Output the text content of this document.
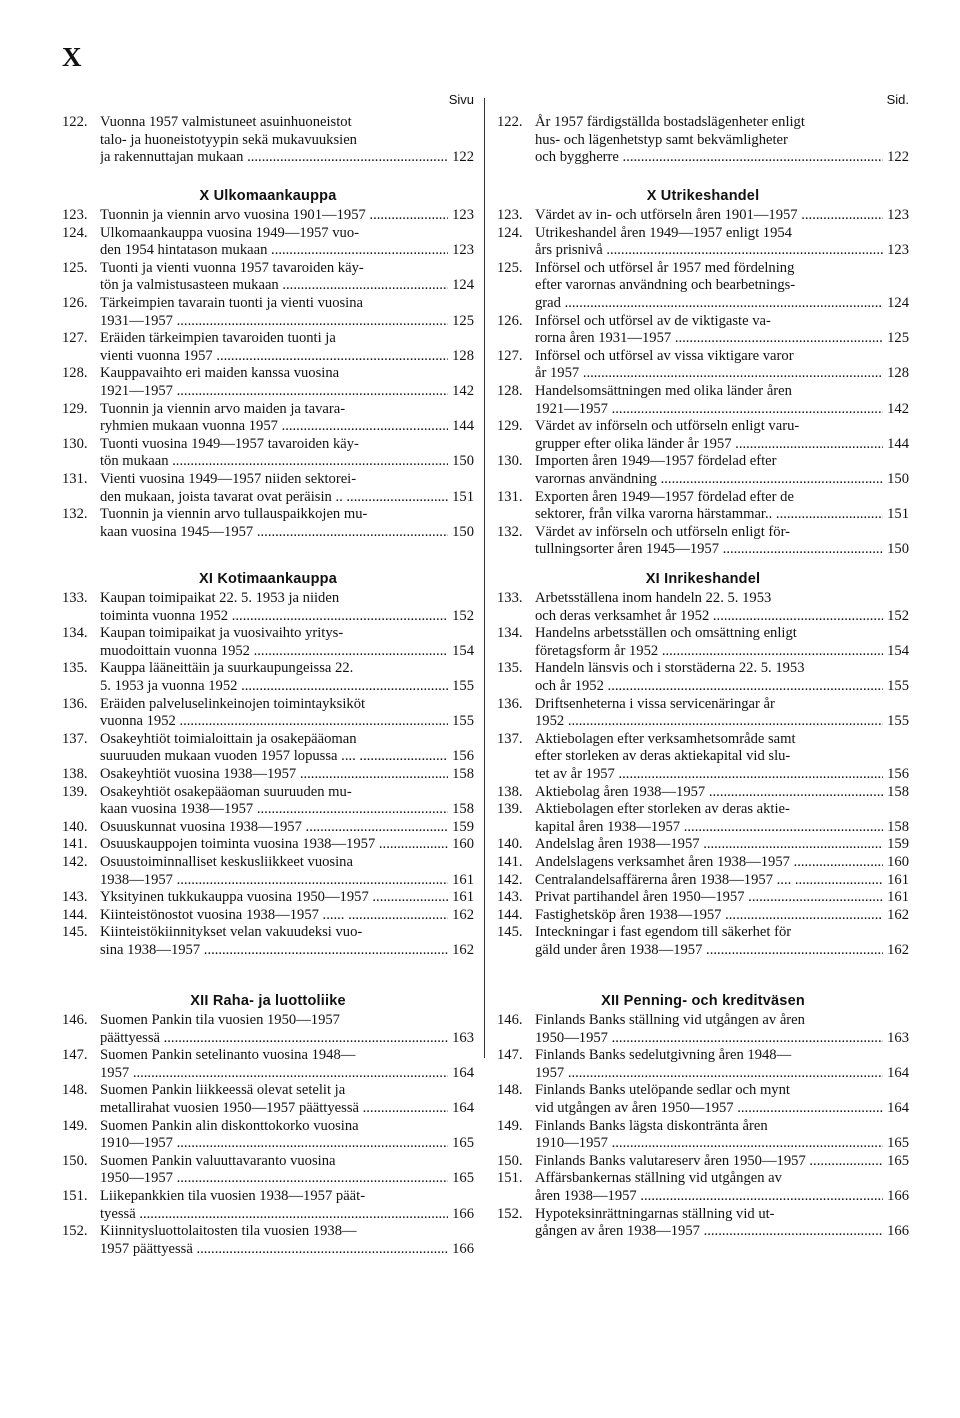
X
Sivu
122. Vuonna 1957 valmistuneet asuinhuoneistot
talo- ja huoneistotyypin sekä mukavuuksien
ja rakennuttajan mukaan .....	122
X Ulkomaankauppa
123. Tuonnin ja viennin arvo vuosina 1901—1957 .....	123
124. Ulkomaankauppa vuosina 1949—1957 vuo-
den 1954 hintatason mukaan .....	123
125. Tuonti ja vienti vuonna 1957 tavaroiden käy-
tön ja valmistusasteen mukaan .....	124
126. Tärkeimpien tavarain tuonti ja vienti vuosina
1931—1957 .....	125
127. Eräiden tärkeimpien tavaroiden tuonti ja
vienti vuonna 1957 .....	128
128. Kauppavaihto eri maiden kanssa vuosina
1921—1957 .....	142
129. Tuonnin ja viennin arvo maiden ja tavara-
ryhmien mukaan vuonna 1957 .....	144
130. Tuonti vuosina 1949—1957 tavaroiden käy-
tön mukaan .....	150
131. Vienti vuosina 1949—1957 niiden sektorei-
den mukaan, joista tavarat ovat peräisin .. .....	151
132. Tuonnin ja viennin arvo tullauspaikkojen mu-
kaan vuosina 1945—1957 .....	150
XI Kotimaankauppa
133. Kaupan toimipaikat 22. 5. 1953 ja niiden
toiminta vuonna 1952 .....	152
134. Kaupan toimipaikat ja vuosivaihto yritys-
muodoittain vuonna 1952 .....	154
135. Kauppa lääneittäin ja suurkaupungeissa 22.
5. 1953 ja vuonna 1952 .....	155
136. Eräiden palveluselinkeinojen toimintayksiköt
vuonna 1952 .....	155
137. Osakeyhtiöt toimialoittain ja osakepääoman
suuruuden mukaan vuoden 1957 lopussa .... .....	156
138. Osakeyhtiöt vuosina 1938—1957 .....	158
139. Osakeyhtiöt osakepääoman suuruuden mu-
kaan vuosina 1938—1957 .....	158
140. Osuuskunnat vuosina 1938—1957 .....	159
141. Osuuskauppojen toiminta vuosina 1938—1957 .....	160
142. Osuustoiminnalliset keskusliikkeet vuosina
1938—1957 .....	161
143. Yksityinen tukkukauppa vuosina 1950—1957 .....	161
144. Kiinteistönostot vuosina 1938—1957 ...... .....	162
145. Kiinteistökiinnitykset velan vakuudeksi vuo-
sina 1938—1957 .....	162
XII Raha- ja luottoliike
146. Suomen Pankin tila vuosien 1950—1957
päättyessä .....	163
147. Suomen Pankin setelinanto vuosina 1948—
1957 .....	164
148. Suomen Pankin liikkeessä olevat setelit ja
metallirahat vuosien 1950—1957 päättyessä .....	164
149. Suomen Pankin alin diskonttokorko vuosina
1910—1957 .....	165
150. Suomen Pankin valuuttavaranto vuosina
1950—1957 .....	165
151. Liikepankkien tila vuosien 1938—1957 päät-
tyessä .....	166
152. Kiinnitysluottolaitosten tila vuosien 1938—
1957 päättyessä .....	166
Sid.
122. År 1957 färdigställda bostadslägenheter enligt
hus- och lägenhetstyp samt bekvämligheter
och byggherre .....	122
X Utrikeshandel
123. Värdet av in- och utförseln åren 1901—1957 .....	123
124. Utrikeshandel åren 1949—1957 enligt 1954
års prisnivå .....	123
125. Införsel och utförsel år 1957 med fördelning
efter varornas användning och bearbetnings-
grad .....	124
126. Införsel och utförsel av de viktigaste va-
rorna åren 1931—1957 .....	125
127. Införsel och utförsel av vissa viktigare varor
år 1957 .....	128
128. Handelsomsättningen med olika länder åren
1921—1957 .....	142
129. Värdet av införseln och utförseln enligt varu-
grupper efter olika länder år 1957 .....	144
130. Importen åren 1949—1957 fördelad efter
varornas användning .....	150
131. Exporten åren 1949—1957 fördelad efter de
sektorer, från vilka varorna härstammar.. .....	151
132. Värdet av införseln och utförseln enligt för-
tullningsorter åren 1945—1957 .....	150
XI Inrikeshandel
133. Arbetsställena inom handeln 22. 5. 1953
och deras verksamhet år 1952 .....	152
134. Handelns arbetsställen och omsättning enligt
företagsform år 1952 .....	154
135. Handeln länsvis och i storstäderna 22. 5. 1953
och år 1952 .....	155
136. Driftsenheterna i vissa servicenäringar år
1952 .....	155
137. Aktiebolagen efter verksamhetsområde samt
efter storleken av deras aktiekapital vid slu-
tet av år 1957 .....	156
138. Aktiebolag åren 1938—1957 .....	158
139. Aktiebolagen efter storleken av deras aktie-
kapital åren 1938—1957 .....	158
140. Andelslag åren 1938—1957 .....	159
141. Andelslagens verksamhet åren 1938—1957 .....	160
142. Centralandelsaffärerna åren 1938—1957 .... .....	161
143. Privat partihandel åren 1950—1957 .....	161
144. Fastighetsköp åren 1938—1957 .....	162
145. Inteckningar i fast egendom till säkerhet för
gäld under åren 1938—1957 .....	162
XII Penning- och kreditväsen
146. Finlands Banks ställning vid utgången av åren
1950—1957 .....	163
147. Finlands Banks sedelutgivning åren 1948—
1957 .....	164
148. Finlands Banks utelöpande sedlar och mynt
vid utgången av åren 1950—1957 .....	164
149. Finlands Banks lägsta diskontränta åren
1910—1957 .....	165
150. Finlands Banks valutareserv åren 1950—1957 .....	165
151. Affärsbankernas ställning vid utgången av
åren 1938—1957 .....	166
152. Hypoteksinrättningarnas ställning vid ut-
gången av åren 1938—1957 .....	166
